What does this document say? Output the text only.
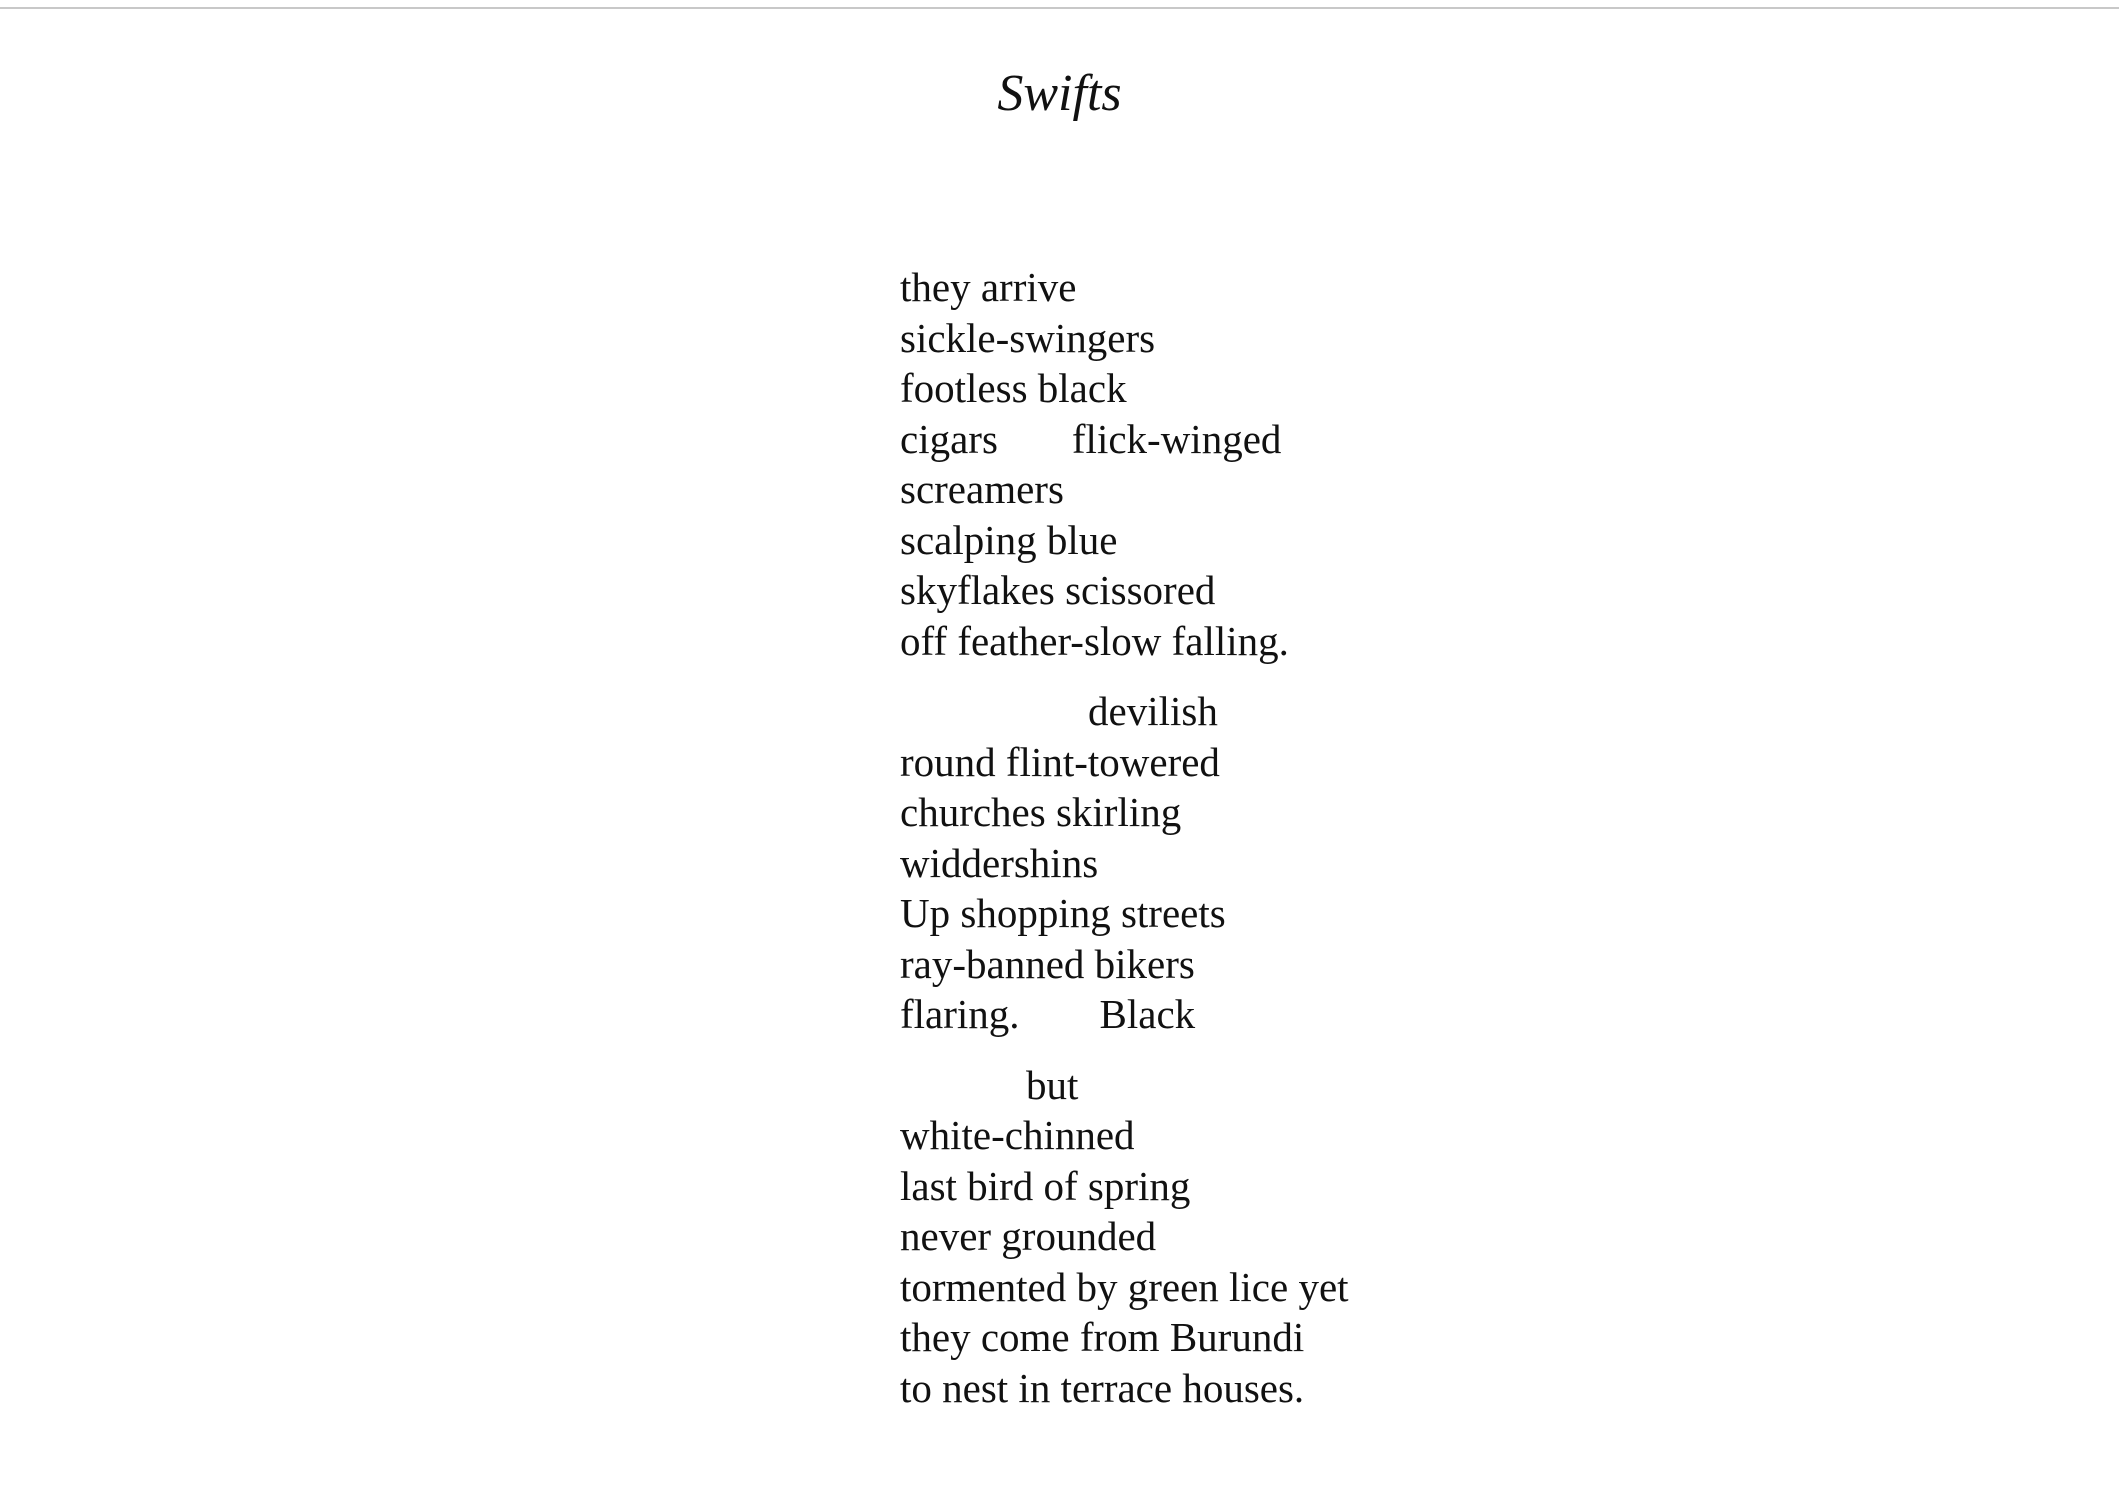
Swifts
they arrive
sickle-swingers
footless black
cigars flick-winged
screamers
scalping blue
skyflakes scissored
off feather-slow falling.
devilish
round flint-towered
churches skirling
widdershins
Up shopping streets
ray-banned bikers
flaring. Black
but
white-chinned
last bird of spring
never grounded
tormented by green lice yet
they come from Burundi
to nest in terrace houses.
